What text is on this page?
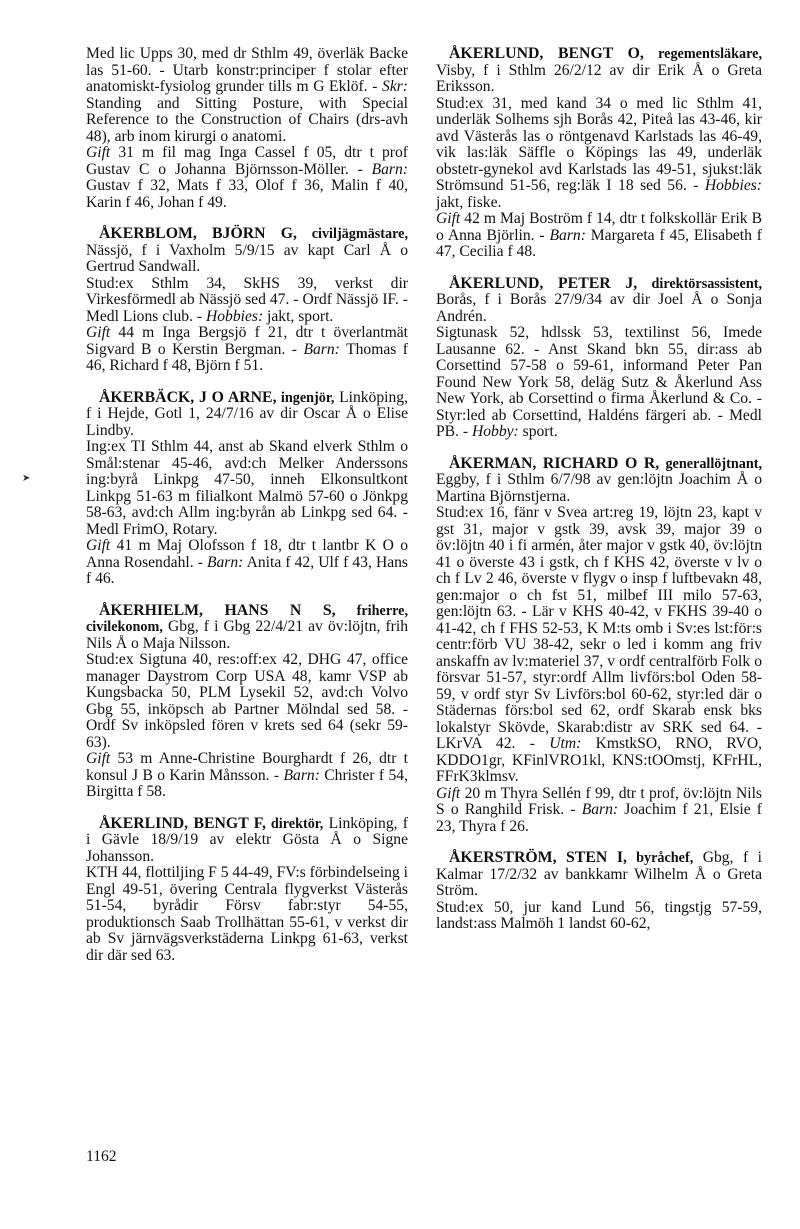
➤

Med lic Upps 30, med dr Sthlm 49, överläk Backe las 51-60. - Utarb konstr:principer f stolar efter anatomiskt-fysiolog grunder tills m G Eklöf. - Skr: Standing and Sitting Posture, with Special Reference to the Construction of Chairs (drs-avh 48), arb inom kirurgi o anatomi.

Gift 31 m fil mag Inga Cassel f 05, dtr t prof Gustav C o Johanna Björnsson-Möller. - Barn: Gustav f 32, Mats f 33, Olof f 36, Malin f 40, Karin f 46, Johan f 49.

ÅKERBLOM, BJÖRN G, civiljägmästare, Nässjö, f i Vaxholm 5/9/15 av kapt Carl Å o Gertrud Sandwall.

Stud:ex Sthlm 34, SkHS 39, verkst dir Virkesförmedl ab Nässjö sed 47. - Ordf Nässjö IF. - Medl Lions club. - Hobbies: jakt, sport.

Gift 44 m Inga Bergsjö f 21, dtr t överlantmät Sigvard B o Kerstin Bergman. - Barn: Thomas f 46, Richard f 48, Björn f 51.

ÅKERBÄCK, J O ARNE, ingenjör, Linköping, f i Hejde, Gotl 1, 24/7/16 av dir Oscar Å o Elise Lindby.

Ing:ex TI Sthlm 44, anst ab Skand elverk Sthlm o Smål:stenar 45-46, avd:ch Melker Anderssons ing:byrå Linkpg 47-50, inneh Elkonsultkont Linkpg 51-63 m filialkont Malmö 57-60 o Jönkpg 58-63, avd:ch Allm ing:byrån ab Linkpg sed 64. - Medl FrimO, Rotary.

Gift 41 m Maj Olofsson f 18, dtr t lantbr K O o Anna Rosendahl. - Barn: Anita f 42, Ulf f 43, Hans f 46.

ÅKERHIELM, HANS N S, friherre, civilekonom, Gbg, f i Gbg 22/4/21 av öv:löjtn, frih Nils Å o Maja Nilsson.

Stud:ex Sigtuna 40, res:off:ex 42, DHG 47, office manager Daystrom Corp USA 48, kamr VSP ab Kungsbacka 50, PLM Lysekil 52, avd:ch Volvo Gbg 55, inköpsch ab Partner Mölndal sed 58. - Ordf Sv inköpsled fören v krets sed 64 (sekr 59-63).

Gift 53 m Anne-Christine Bourghardt f 26, dtr t konsul J B o Karin Månsson. - Barn: Christer f 54, Birgitta f 58.

ÅKERLIND, BENGT F, direktör, Linköping, f i Gävle 18/9/19 av elektr Gösta Å o Signe Johansson.

KTH 44, flottiljing F 5 44-49, FV:s förbindelseing i Engl 49-51, övering Centrala flygverkst Västerås 51-54, byrådir Försv fabr:styr 54-55, produktionsch Saab Trollhättan 55-61, v verkst dir ab Sv järnvägsverkstäderna Linkpg 61-63, verkst dir där sed 63.

ÅKERLUND, BENGT O, regementsläkare, Visby, f i Sthlm 26/2/12 av dir Erik Å o Greta Eriksson.

Stud:ex 31, med kand 34 o med lic Sthlm 41, underläk Solhems sjh Borås 42, Piteå las 43-46, kir avd Västerås las o röntgenavd Karlstads las 46-49, vik las:läk Säffle o Köpings las 49, underläk obstetr-gynekol avd Karlstads las 49-51, sjukst:läk Strömsund 51-56, reg:läk I 18 sed 56. - Hobbies: jakt, fiske.

Gift 42 m Maj Boström f 14, dtr t folkskollär Erik B o Anna Björlin. - Barn: Margareta f 45, Elisabeth f 47, Cecilia f 48.

ÅKERLUND, PETER J, direktörsassistent, Borås, f i Borås 27/9/34 av dir Joel Å o Sonja Andrén.

Sigtunask 52, hdlssk 53, textilinst 56, Imede Lausanne 62. - Anst Skand bkn 55, dir:ass ab Corsettind 57-58 o 59-61, informand Peter Pan Found New York 58, deläg Sutz & Åkerlund Ass New York, ab Corsettind o firma Åkerlund & Co. - Styr:led ab Corsettind, Haldéns färgeri ab. - Medl PB. - Hobby: sport.

ÅKERMAN, RICHARD O R, generallöjtnant, Eggby, f i Sthlm 6/7/98 av gen:löjtn Joachim Å o Martina Björnstjerna.

Stud:ex 16, fänr v Svea art:reg 19, löjtn 23, kapt v gst 31, major v gstk 39, avsk 39, major 39 o öv:löjtn 40 i fi armén, åter major v gstk 40, öv:löjtn 41 o överste 43 i gstk, ch f KHS 42, överste v lv o ch f Lv 2 46, överste v flygv o insp f luftbevakn 48, gen:major o ch fst 51, milbef III milo 57-63, gen:löjtn 63. - Lär v KHS 40-42, v FKHS 39-40 o 41-42, ch f FHS 52-53, K M:ts omb i Sv:es lst:för:s centr:förb VU 38-42, sekr o led i komm ang friv anskaffn av lv:materiel 37, v ordf centralförb Folk o försvar 51-57, styr:ordf Allm livförs:bol Oden 58-59, v ordf styr Sv Livförs:bol 60-62, styr:led där o Städernas förs:bol sed 62, ordf Skarab ensk bks lokalstyr Skövde, Skarab:distr av SRK sed 64. - LKrVA 42. - Utm: KmstkSO, RNO, RVO, KDDO1gr, KFinlVRO1kl, KNS:tOOmstj, KFrHL, FFrK3klmsv.

Gift 20 m Thyra Sellén f 99, dtr t prof, öv:löjtn Nils S o Ranghild Frisk. - Barn: Joachim f 21, Elsie f 23, Thyra f 26.

ÅKERSTRÖM, STEN I, byråchef, Gbg, f i Kalmar 17/2/32 av bankkamr Wilhelm Å o Greta Ström.

Stud:ex 50, jur kand Lund 56, tingstjg 57-59, landst:ass Malmöh 1 landst 60-62,

1162
